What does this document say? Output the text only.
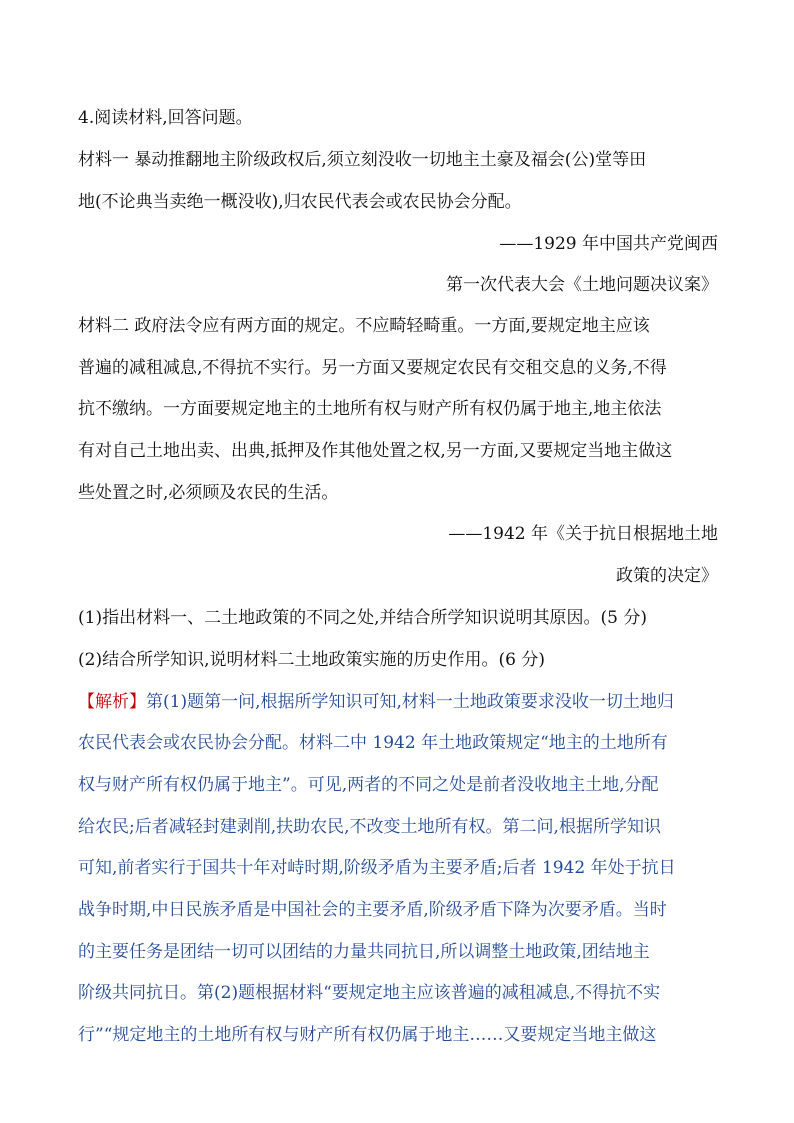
4.阅读材料,回答问题。
材料一 暴动推翻地主阶级政权后,须立刻没收一切地主土豪及福会(公)堂等田
地(不论典当卖绝一概没收),归农民代表会或农民协会分配。
——1929 年中国共产党闽西
第一次代表大会《土地问题决议案》
材料二 政府法令应有两方面的规定。不应畸轻畸重。一方面,要规定地主应该
普遍的减租减息,不得抗不实行。另一方面又要规定农民有交租交息的义务,不得
抗不缴纳。一方面要规定地主的土地所有权与财产所有权仍属于地主,地主依法
有对自己土地出卖、出典,抵押及作其他处置之权,另一方面,又要规定当地主做这
些处置之时,必须顾及农民的生活。
——1942 年《关于抗日根据地土地
政策的决定》
(1)指出材料一、二土地政策的不同之处,并结合所学知识说明其原因。(5 分)
(2)结合所学知识,说明材料二土地政策实施的历史作用。(6 分)
【解析】第(1)题第一问,根据所学知识可知,材料一土地政策要求没收一切土地归
农民代表会或农民协会分配。材料二中 1942 年土地政策规定“地主的土地所有
权与财产所有权仍属于地主”。可见,两者的不同之处是前者没收地主土地,分配
给农民;后者减轻封建剥削,扶助农民,不改变土地所有权。第二问,根据所学知识
可知,前者实行于国共十年对峙时期,阶级矛盾为主要矛盾;后者 1942 年处于抗日
战争时期,中日民族矛盾是中国社会的主要矛盾,阶级矛盾下降为次要矛盾。当时
的主要任务是团结一切可以团结的力量共同抗日,所以调整土地政策,团结地主
阶级共同抗日。第(2)题根据材料“要规定地主应该普遍的减租减息,不得抗不实
行”“规定地主的土地所有权与财产所有权仍属于地主……又要规定当地主做这
